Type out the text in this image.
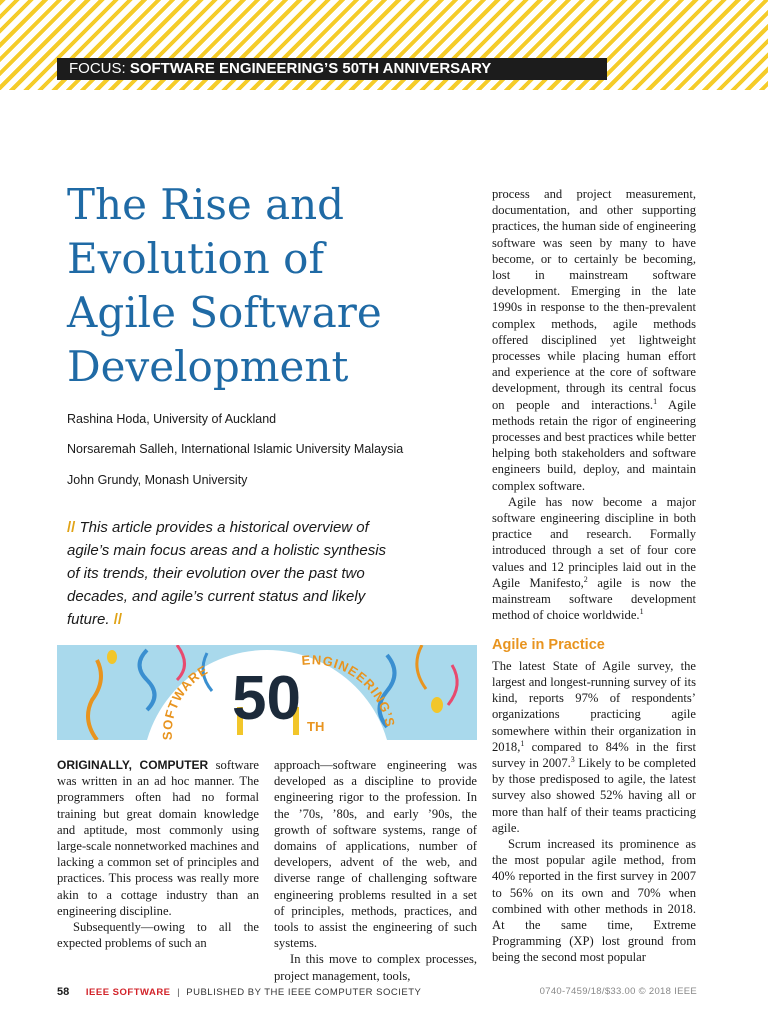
FOCUS: SOFTWARE ENGINEERING’S 50TH ANNIVERSARY
The Rise and
Evolution of
Agile Software
Development
Rashina Hoda, University of Auckland
Norsaremah Salleh, International Islamic University Malaysia
John Grundy, Monash University
// This article provides a historical overview of agile’s main focus areas and a holistic synthesis of its trends, their evolution over the past two decades, and agile’s current status and likely future. //
50 TH
SOFTWARE
ENGINEERING’S

process and project measurement, documentation, and other supporting practices, the human side of engineering software was seen by many to have become, or to certainly be becoming, lost in mainstream software development. Emerging in the late 1990s in response to the then-prevalent complex methods, agile methods offered disciplined yet lightweight processes while placing human effort and experience at the core of software development, through its central focus on people and interactions.$^1$ Agile methods retain the rigor of engineering processes and best practices while better helping both stakeholders and software engineers build, deploy, and maintain complex software.

Agile has now become a major software engineering discipline in both practice and research. Formally introduced through a set of four core values and 12 principles laid out in the Agile Manifesto,$^2$ agile is now the mainstream software development method of choice worldwide.$^1$

Agile in Practice

The latest State of Agile survey, the largest and longest-running survey of its kind, reports 97% of respondents’ organizations practicing agile somewhere within their organization in 2018,$^1$ compared to 84% in the first survey in 2007.$^3$ Likely to be completed by those predisposed to agile, the latest survey also showed 52% having all or more than half of their teams practicing agile.

Scrum increased its prominence as the most popular agile method, from 40% reported in the first survey in 2007 to 56% on its own and 70% when combined with other methods in 2018. At the same time, Extreme Programming (XP) lost ground from being the second most popular

ORIGINALLY, COMPUTER software was written in an ad hoc manner. The programmers often had no formal training but great domain knowledge and aptitude, most commonly using large-scale nonnetworked machines and lacking a common set of principles and practices. This process was really more akin to a cottage industry than an engineering discipline.

Subsequently—owing to all the expected problems of such an

approach—software engineering was developed as a discipline to provide engineering rigor to the profession. In the ’70s, ’80s, and early ’90s, the growth of software systems, range of domains of applications, number of developers, advent of the web, and diverse range of challenging software engineering problems resulted in a set of principles, methods, practices, and tools to assist the engineering of such systems.

In this move to complex processes, project management, tools,

58 IEEE SOFTWARE | PUBLISHED BY THE IEEE COMPUTER SOCIETY	0740-7459/18/$33.00 © 2018 IEEE
